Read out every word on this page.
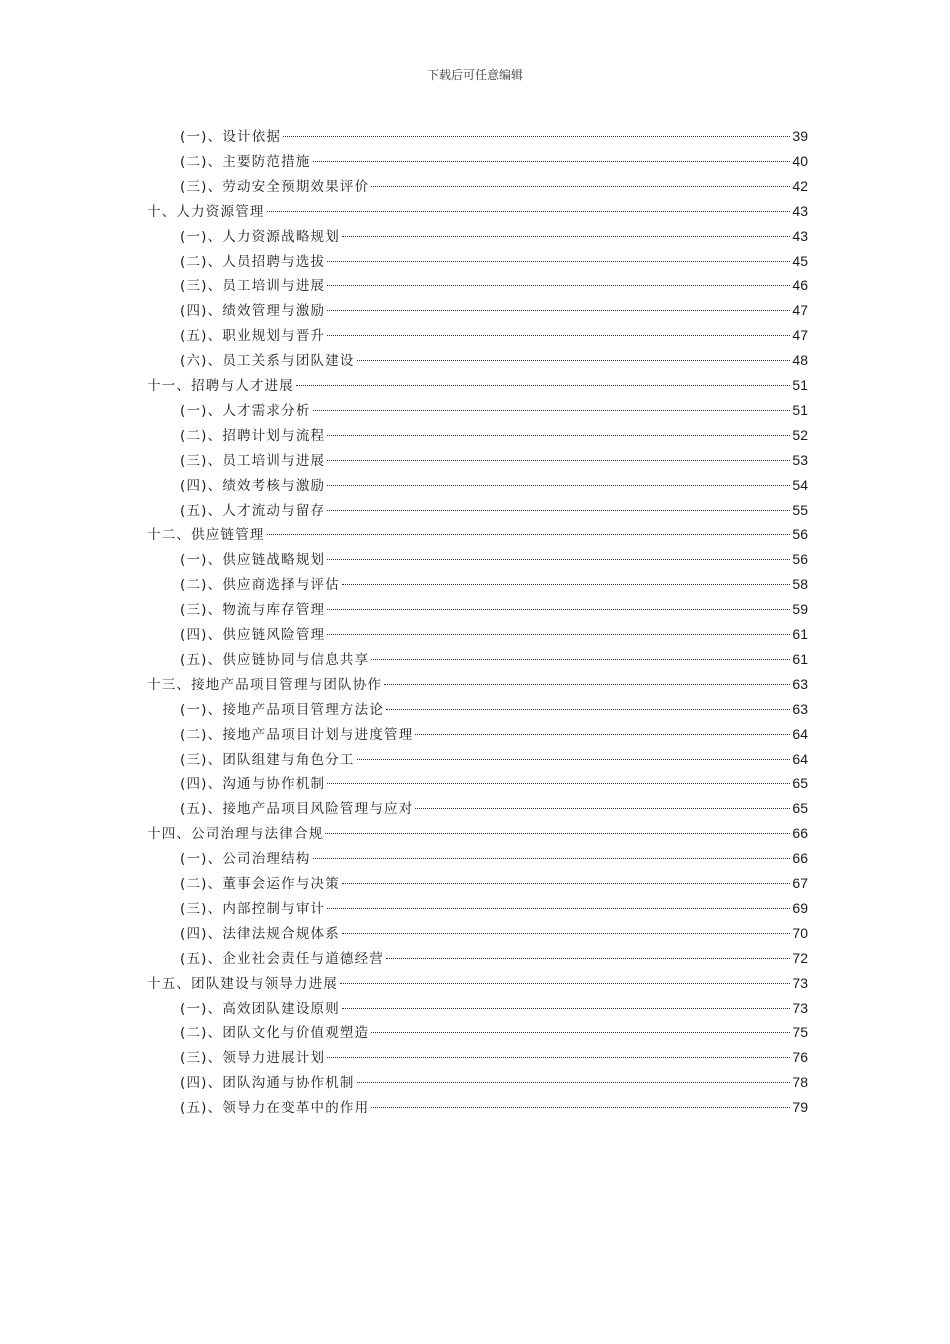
下载后可任意编辑
(一)、设计依据	39
(二)、主要防范措施	40
(三)、劳动安全预期效果评价	42
十、人力资源管理	43
(一)、人力资源战略规划	43
(二)、人员招聘与选拔	45
(三)、员工培训与进展	46
(四)、绩效管理与激励	47
(五)、职业规划与晋升	47
(六)、员工关系与团队建设	48
十一、招聘与人才进展	51
(一)、人才需求分析	51
(二)、招聘计划与流程	52
(三)、员工培训与进展	53
(四)、绩效考核与激励	54
(五)、人才流动与留存	55
十二、供应链管理	56
(一)、供应链战略规划	56
(二)、供应商选择与评估	58
(三)、物流与库存管理	59
(四)、供应链风险管理	61
(五)、供应链协同与信息共享	61
十三、接地产品项目管理与团队协作	63
(一)、接地产品项目管理方法论	63
(二)、接地产品项目计划与进度管理	64
(三)、团队组建与角色分工	64
(四)、沟通与协作机制	65
(五)、接地产品项目风险管理与应对	65
十四、公司治理与法律合规	66
(一)、公司治理结构	66
(二)、董事会运作与决策	67
(三)、内部控制与审计	69
(四)、法律法规合规体系	70
(五)、企业社会责任与道德经营	72
十五、团队建设与领导力进展	73
(一)、高效团队建设原则	73
(二)、团队文化与价值观塑造	75
(三)、领导力进展计划	76
(四)、团队沟通与协作机制	78
(五)、领导力在变革中的作用	79
